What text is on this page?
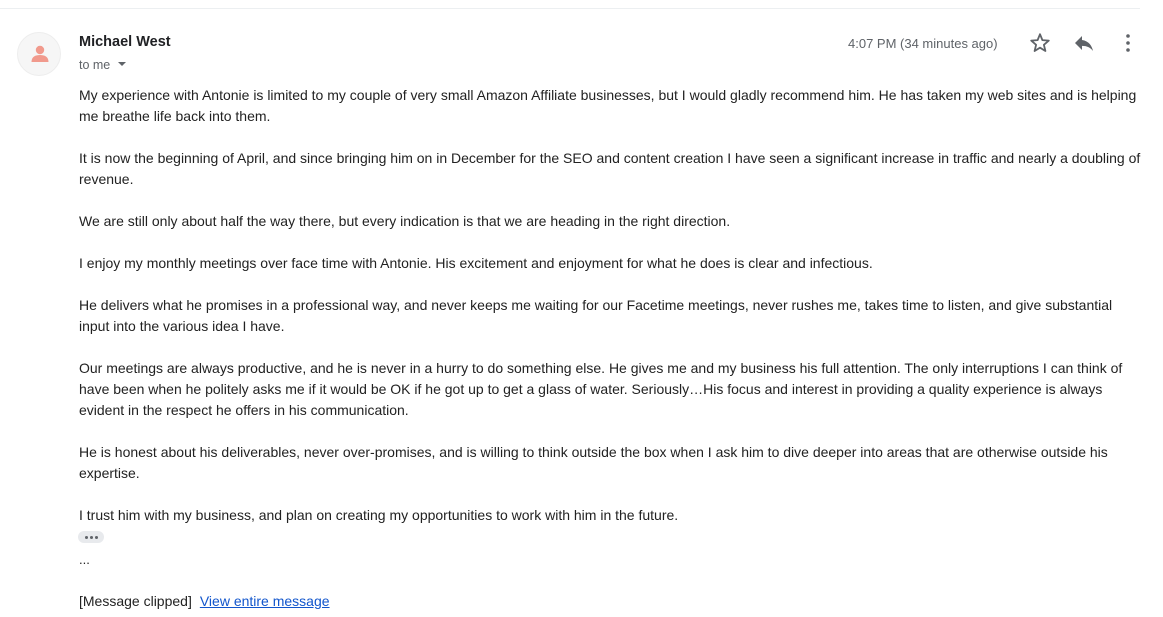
Michael West
to me
4:07 PM (34 minutes ago)

My experience with Antonie is limited to my couple of very small Amazon Affiliate businesses, but I would gladly recommend him. He has taken my web sites and is helping me breathe life back into them.

It is now the beginning of April, and since bringing him on in December for the SEO and content creation I have seen a significant increase in traffic and nearly a doubling of revenue.

We are still only about half the way there, but every indication is that we are heading in the right direction.

I enjoy my monthly meetings over face time with Antonie. His excitement and enjoyment for what he does is clear and infectious.

He delivers what he promises in a professional way, and never keeps me waiting for our Facetime meetings, never rushes me, takes time to listen, and give substantial input into the various idea I have.

Our meetings are always productive, and he is never in a hurry to do something else. He gives me and my business his full attention. The only interruptions I can think of have been when he politely asks me if it would be OK if he got up to get a glass of water. Seriously…His focus and interest in providing a quality experience is always evident in the respect he offers in his communication.

He is honest about his deliverables, never over-promises, and is willing to think outside the box when I ask him to dive deeper into areas that are otherwise outside his expertise.

I trust him with my business, and plan on creating my opportunities to work with him in the future.

...
[Message clipped] View entire message
